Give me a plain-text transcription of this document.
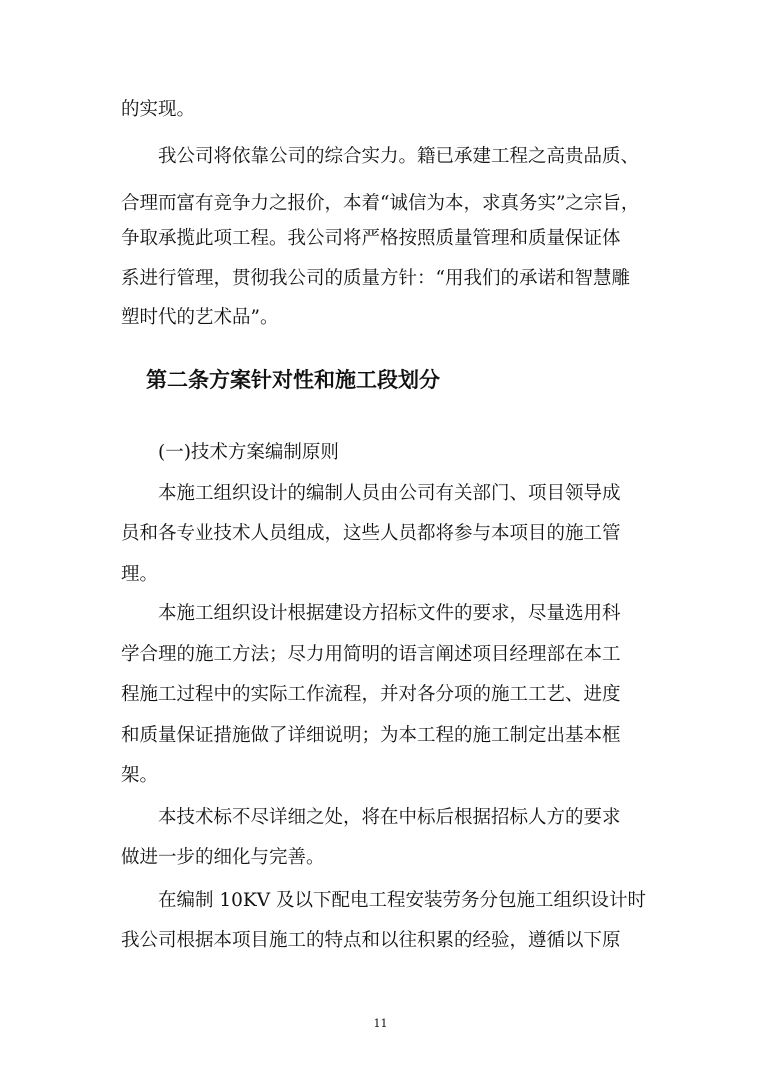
的实现。
我公司将依靠公司的综合实力。籍已承建工程之高贵品质、
合理而富有竞争力之报价，本着“诚信为本，求真务实”之宗旨，
争取承揽此项工程。我公司将严格按照质量管理和质量保证体
系进行管理，贯彻我公司的质量方针：“用我们的承诺和智慧雕
塑时代的艺术品”。
第二条方案针对性和施工段划分
(一)技术方案编制原则
本施工组织设计的编制人员由公司有关部门、项目领导成
员和各专业技术人员组成，这些人员都将参与本项目的施工管
理。
本施工组织设计根据建设方招标文件的要求，尽量选用科
学合理的施工方法；尽力用简明的语言阐述项目经理部在本工
程施工过程中的实际工作流程，并对各分项的施工工艺、进度
和质量保证措施做了详细说明；为本工程的施工制定出基本框
架。
本技术标不尽详细之处，将在中标后根据招标人方的要求
做进一步的细化与完善。
在编制 10KV 及以下配电工程安装劳务分包施工组织设计时
我公司根据本项目施工的特点和以往积累的经验，遵循以下原
11
